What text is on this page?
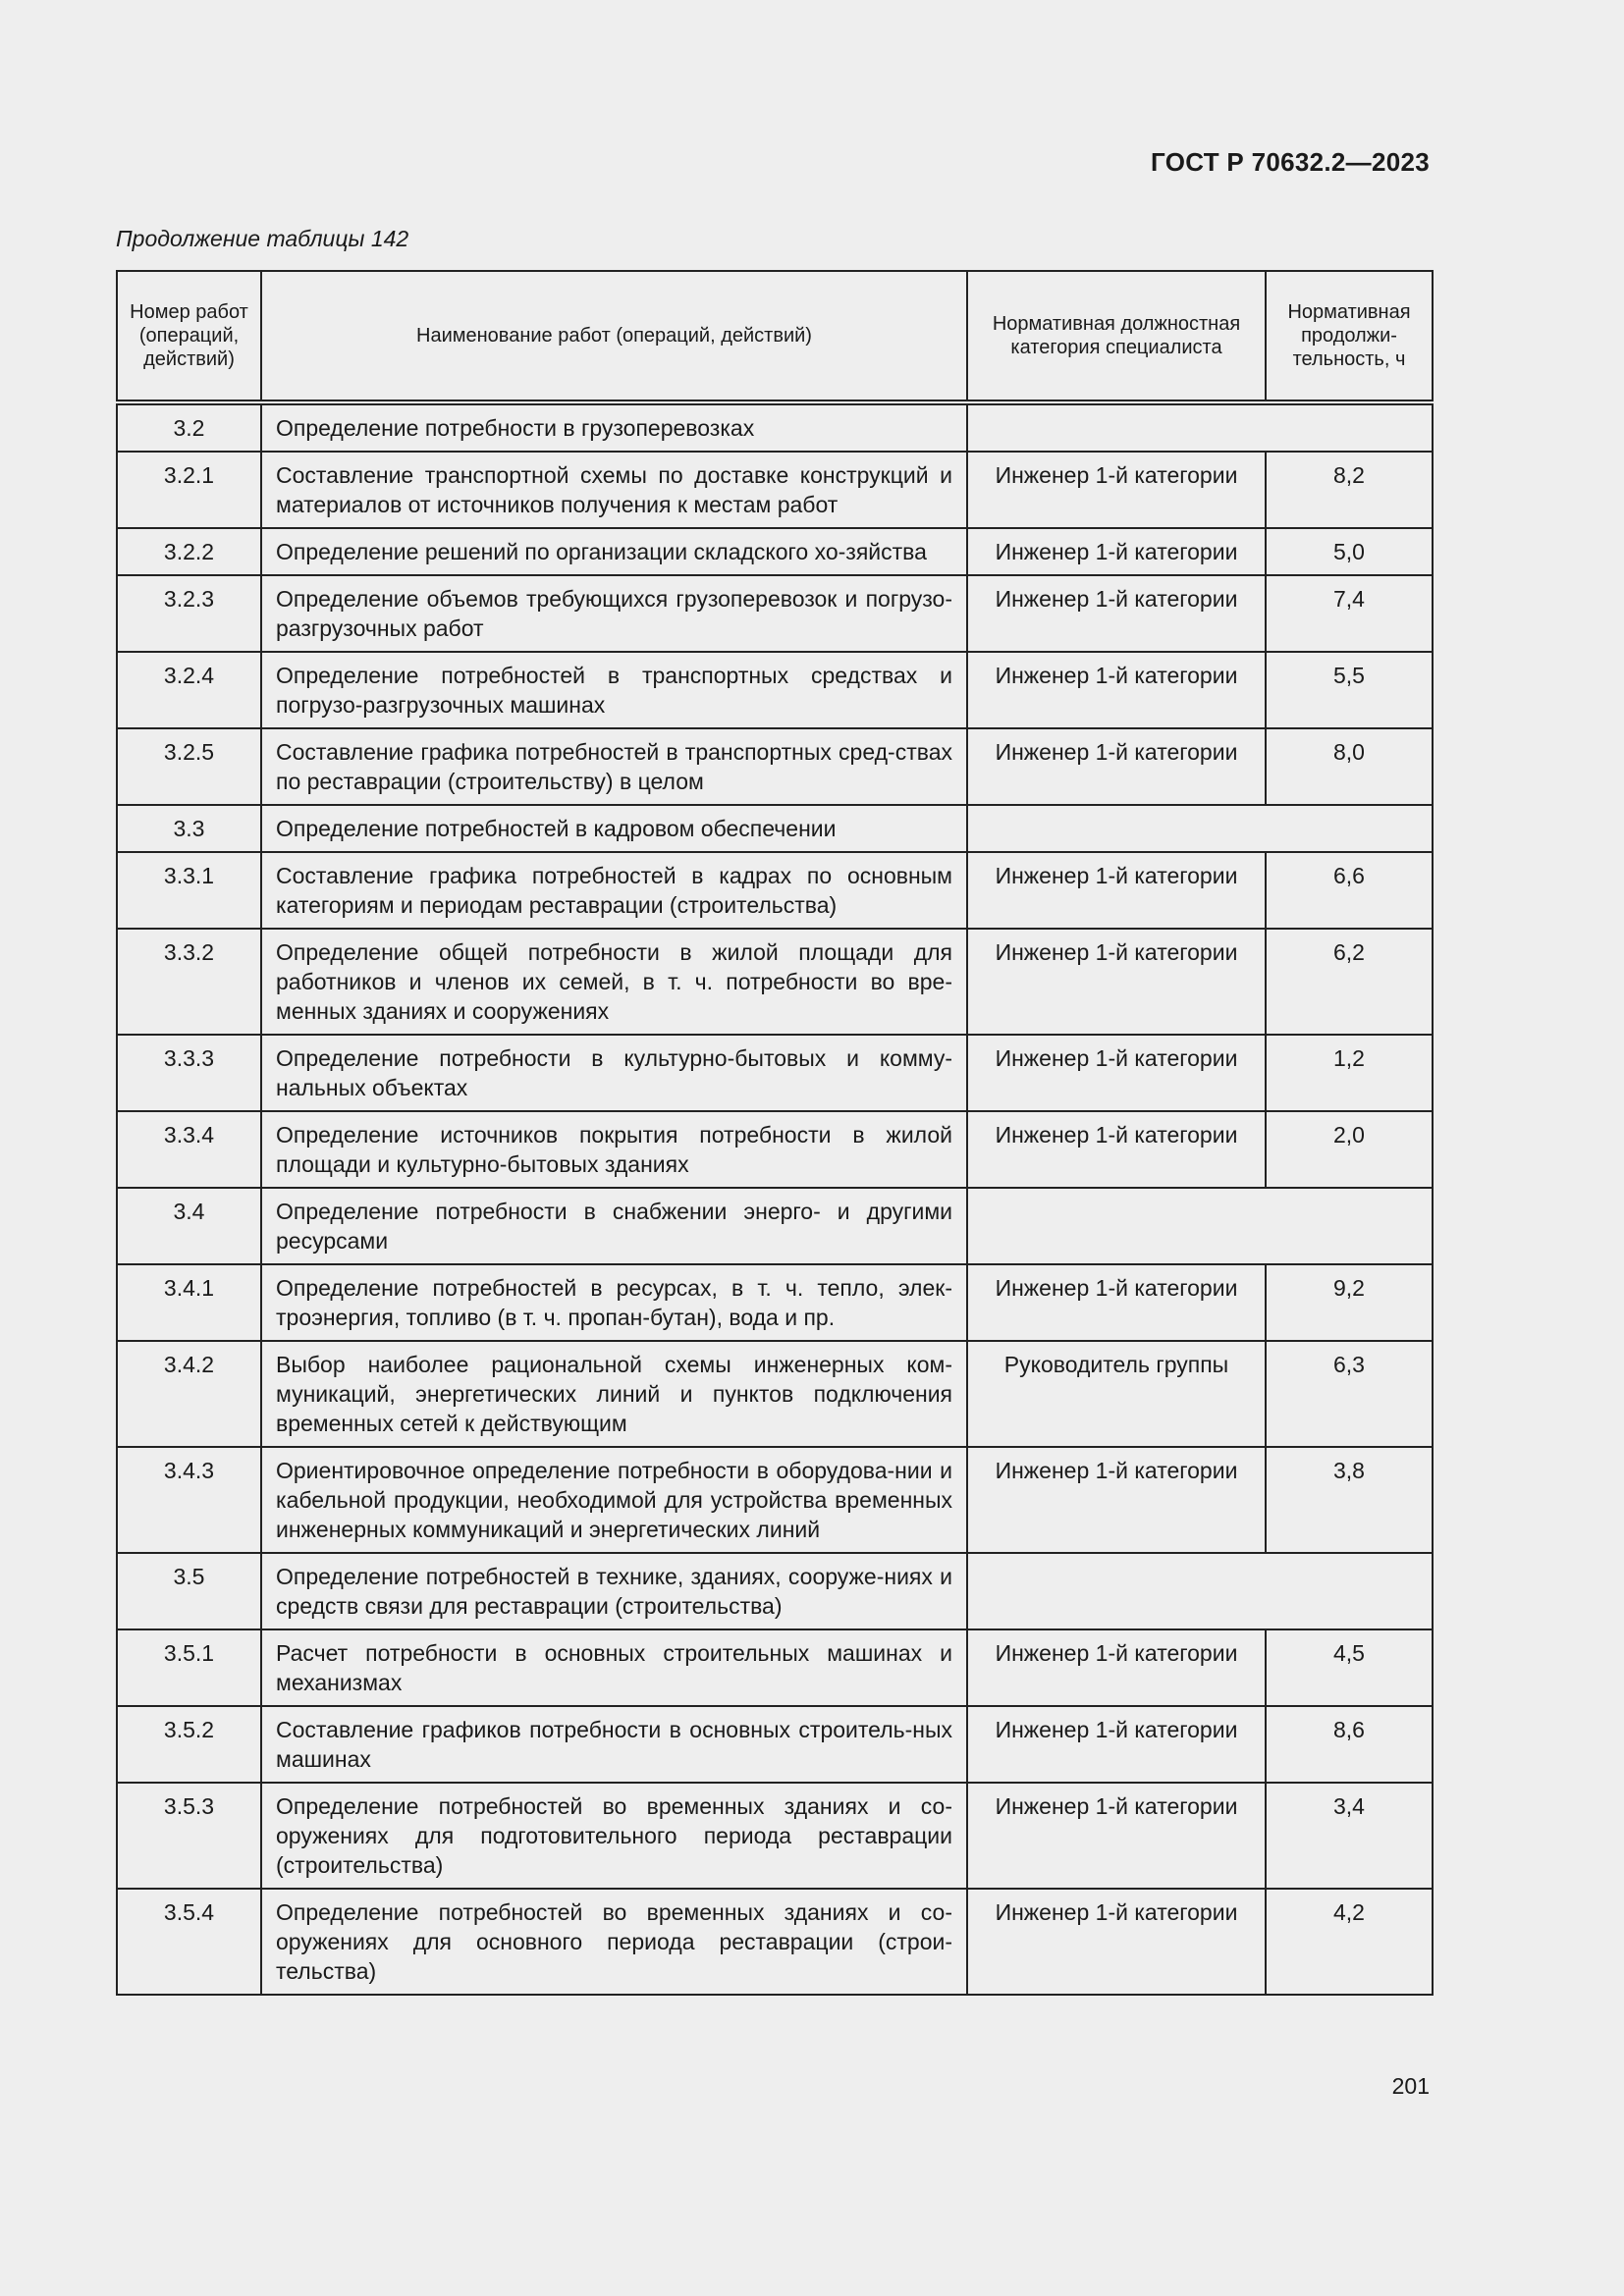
ГОСТ Р 70632.2—2023
Продолжение таблицы 142
Номер работ (операций, действий)	Наименование работ (операций, действий)	Нормативная должностная категория специалиста	Нормативная продолжи-тельность, ч
3.2	Определение потребности в грузоперевозках		
3.2.1	Составление транспортной схемы по доставке конструкций и материалов от источников получения к местам работ	Инженер 1-й категории	8,2
3.2.2	Определение решений по организации складского хо-зяйства	Инженер 1-й категории	5,0
3.2.3	Определение объемов требующихся грузоперевозок и погрузо-разгрузочных работ	Инженер 1-й категории	7,4
3.2.4	Определение потребностей в транспортных средствах и погрузо-разгрузочных машинах	Инженер 1-й категории	5,5
3.2.5	Составление графика потребностей в транспортных сред-ствах по реставрации (строительству) в целом	Инженер 1-й категории	8,0
3.3	Определение потребностей в кадровом обеспечении		
3.3.1	Составление графика потребностей в кадрах по основным категориям и периодам реставрации (строительства)	Инженер 1-й категории	6,6
3.3.2	Определение общей потребности в жилой площади для работников и членов их семей, в т. ч. потребности во вре-менных зданиях и сооружениях	Инженер 1-й категории	6,2
3.3.3	Определение потребности в культурно-бытовых и комму-нальных объектах	Инженер 1-й категории	1,2
3.3.4	Определение источников покрытия потребности в жилой площади и культурно-бытовых зданиях	Инженер 1-й категории	2,0
3.4	Определение потребности в снабжении энерго- и другими ресурсами		
3.4.1	Определение потребностей в ресурсах, в т. ч. тепло, элек-троэнергия, топливо (в т. ч. пропан-бутан), вода и пр.	Инженер 1-й категории	9,2
3.4.2	Выбор наиболее рациональной схемы инженерных ком-муникаций, энергетических линий и пунктов подключения временных сетей к действующим	Руководитель группы	6,3
3.4.3	Ориентировочное определение потребности в оборудова-нии и кабельной продукции, необходимой для устройства временных инженерных коммуникаций и энергетических линий	Инженер 1-й категории	3,8
3.5	Определение потребностей в технике, зданиях, сооруже-ниях и средств связи для реставрации (строительства)		
3.5.1	Расчет потребности в основных строительных машинах и механизмах	Инженер 1-й категории	4,5
3.5.2	Составление графиков потребности в основных строитель-ных машинах	Инженер 1-й категории	8,6
3.5.3	Определение потребностей во временных зданиях и со-оружениях для подготовительного периода реставрации (строительства)	Инженер 1-й категории	3,4
3.5.4	Определение потребностей во временных зданиях и со-оружениях для основного периода реставрации (строи-тельства)	Инженер 1-й категории	4,2
201
